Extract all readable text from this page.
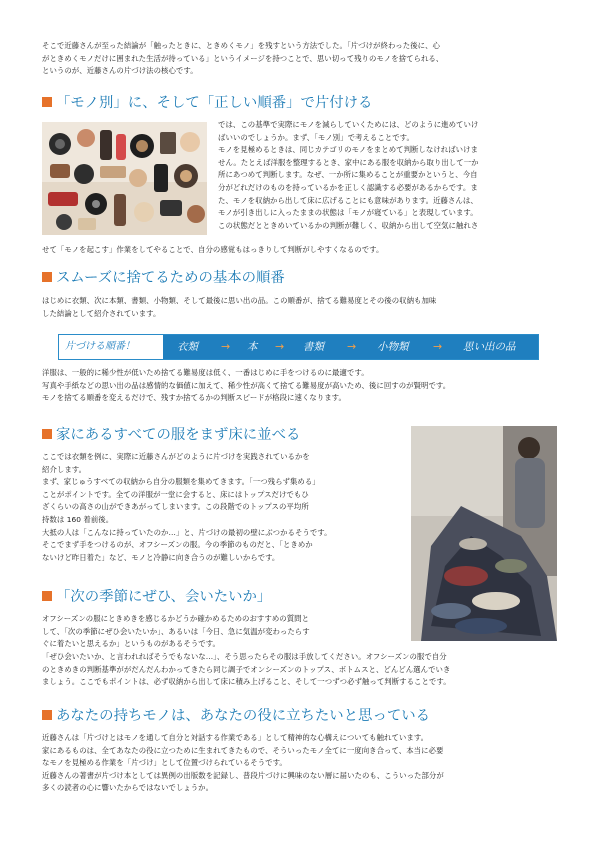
そこで近藤さんが至った結論が「触ったときに、ときめくモノ」を残すという方法でした。「片づけが終わった後に、心
がときめくモノだけに囲まれた生活が待っている」というイメージを持つことで、思い切って残りのモノを捨てられる、
というのが、近藤さんの片づけ法の核心です。
「モノ別」に、そして「正しい順番」で片付ける
では、この基準で実際にモノを減らしていくためには、どのように進めていけ
ばいいのでしょうか。まず、「モノ別」で考えることです。
モノを見極めるときは、同じカテゴリのモノをまとめて判断しなければいけま
せん。たとえば洋服を整理するとき、家中にある服を収納から取り出して一か
所にあつめて判断します。なぜ、一か所に集めることが重要かというと、今自
分がどれだけのものを持っているかを正しく認識する必要があるからです。ま
た、モノを収納から出して床に広げることにも意味があります。近藤さんは、
モノが引き出しに入ったままの状態は「モノが寝ている」と表現しています。
この状態だとときめいているかの判断が難しく、収納から出して空気に触れさ
せて「モノを起こす」作業をしてやることで、自分の感覚もはっきりして判断がしやすくなるのです。
スムーズに捨てるための基本の順番
はじめに衣類、次に本類、書類、小物類、そして最後に思い出の品。この順番が、捨てる難易度とその後の収納も加味
した結論として紹介されています。
片づける順番！	衣類 → 本 → 書類 → 小物類 → 思い出の品
洋服は、一般的に稀少性が低いため捨てる難易度は低く、一番はじめに手をつけるのに最適です。
写真や手紙などの思い出の品は感情的な価値に加えて、稀少性が高くて捨てる難易度が高いため、後に回すのが賢明です。
モノを捨てる順番を変えるだけで、残すか捨てるかの判断スピードが格段に速くなります。
家にあるすべての服をまず床に並べる
ここでは衣類を例に、実際に近藤さんがどのように片づけを実践されているかを
紹介します。
まず、家じゅうすべての収納から自分の服類を集めてきます。「一つ残らず集める」
ことがポイントです。全ての洋服が一堂に会すると、床にはトップスだけでもひ
ざくらいの高さの山ができあがってしまいます。この段階でのトップスの平均所
持数は 160 着前後。
大抵の人は「こんなに持っていたのか…」と、片づけの最初の壁にぶつかるそうです。
そこでまず手をつけるのが、オフシーズンの服。今の季節のものだと、「ときめか
ないけど昨日着た」など、モノと冷静に向き合うのが難しいからです。
「次の季節にぜひ、会いたいか」
オフシーズンの服にときめきを感じるかどうか確かめるためのおすすめの質問と
して、「次の季節にぜひ会いたいか」、あるいは「今日、急に気温が変わったらす
ぐに着たいと思えるか」というものがあるそうです。
「ぜひ会いたいか、と言われればそうでもないな…」、そう思ったらその服は手放してください。オフシーズンの服で自分
のときめきの判断基準ががだんだんわかってきたら同じ調子でオンシーズンのトップス、ボトムスと、どんどん選んでいき
ましょう。ここでもポイントは、必ず収納から出して床に積み上げること、そして一つずつ必ず触って判断することです。
あなたの持ちモノは、あなたの役に立ちたいと思っている
近藤さんは「片づけとはモノを通して自分と対話する作業である」として精神的な心構えについても触れています。
家にあるものは、全てあなたの役に立つために生まれてきたもので、そういったモノ全てに一度向き合って、本当に必要
なモノを見極める作業を「片づけ」として位置づけられているそうです。
近藤さんの著書が片づけ本としては異例の出版数を記録し、普段片づけに興味のない層に届いたのも、こういった部分が
多くの読者の心に響いたからではないでしょうか。
